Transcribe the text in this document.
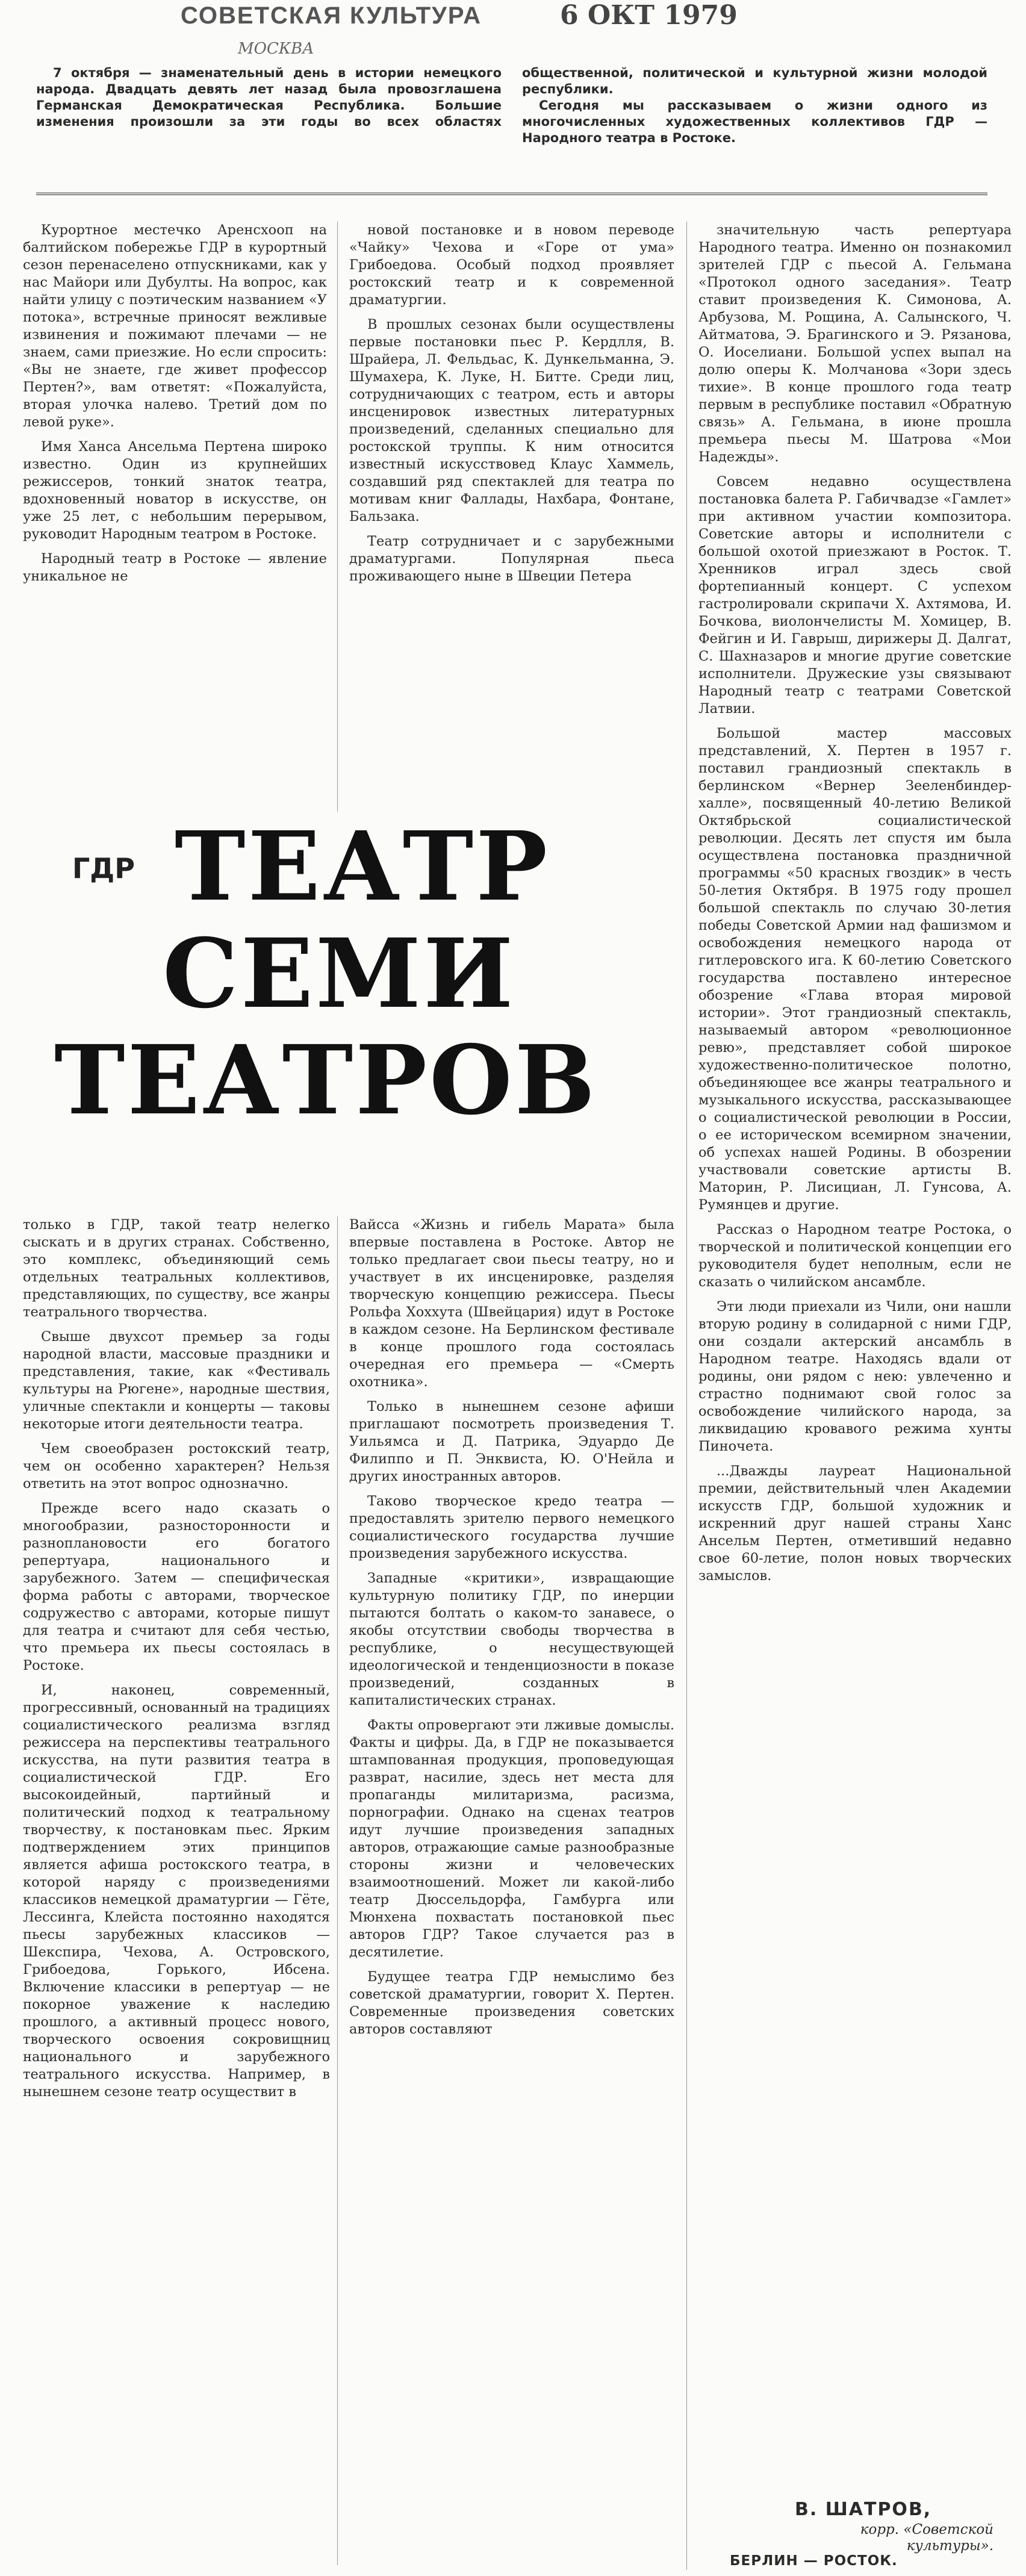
СОВЕТСКАЯ КУЛЬТУРА	6 ОКТ 1979
МОСКВА

7 октября — знаменательный день в истории немецкого народа. Двадцать девять лет назад была провозглашена Германская Демократическая Республика. Большие изменения произошли за эти годы во всех областях общественной, политической и культурной жизни молодой республики.

Сегодня мы рассказываем о жизни одного из многочисленных художественных коллективов ГДР — Народного театра в Ростоке.

Курортное местечко Аренсхооп на балтийском побережье ГДР в курортный сезон перенаселено отпускниками, как у нас Майори или Дубулты. На вопрос, как найти улицу с поэтическим названием «У потока», встречные приносят вежливые извинения и пожимают плечами — не знаем, сами приезжие. Но если спросить: «Вы не знаете, где живет профессор Пертен?», вам ответят: «Пожалуйста, вторая улочка налево. Третий дом по левой руке».

Имя Ханса Ансельма Пертена широко известно. Один из крупнейших режиссеров, тонкий знаток театра, вдохновенный новатор в искусстве, он уже 25 лет, с небольшим перерывом, руководит Народным театром в Ростоке.

Народный театр в Ростоке — явление уникальное не

новой постановке и в новом переводе «Чайку» Чехова и «Горе от ума» Грибоедова. Особый подход проявляет ростокский театр и к современной драматургии.

В прошлых сезонах были осуществлены первые постановки пьес Р. Кердлля, В. Шрайера, Л. Фельдьас, К. Дункельманна, Э. Шумахера, К. Луке, Н. Битте. Среди лиц, сотрудничающих с театром, есть и авторы инсценировок известных литературных произведений, сделанных специально для ростокской труппы. К ним относится известный искусствовед Клаус Хаммель, создавший ряд спектаклей для театра по мотивам книг Фаллады, Нахбара, Фонтане, Бальзака.

Театр сотрудничает и с зарубежными драматургами. Популярная пьеса проживающего ныне в Швеции Петера

значительную часть репертуара Народного театра. Именно он познакомил зрителей ГДР с пьесой А. Гельмана «Протокол одного заседания». Театр ставит произведения К. Симонова, А. Арбузова, М. Рощина, А. Салынского, Ч. Айтматова, Э. Брагинского и Э. Рязанова, О. Иоселиани. Большой успех выпал на долю оперы К. Молчанова «Зори здесь тихие». В конце прошлого года театр первым в республике поставил «Обратную связь» А. Гельмана, в июне прошла премьера пьесы М. Шатрова «Мои Надежды».

Совсем недавно осуществлена постановка балета Р. Габичвадзе «Гамлет» при активном участии композитора. Советские авторы и исполнители с большой охотой приезжают в Росток. Т. Хренников играл здесь свой фортепианный концерт. С успехом гастролировали скрипачи Х. Ахтямова, И. Бочкова, виолончелисты М. Хомицер, В. Фейгин и И. Гаврыш, дирижеры Д. Далгат, С. Шахназаров и многие другие советские исполнители. Дружеские узы связывают Народный театр с театрами Советской Латвии.

Большой мастер массовых представлений, Х. Пертен в 1957 г. поставил грандиозный спектакль в берлинском «Вернер Зееленбиндер-халле», посвященный 40-летию Великой Октябрьской социалистической революции. Десять лет спустя им была осуществлена постановка праздничной программы «50 красных гвоздик» в честь 50-летия Октября. В 1975 году прошел большой спектакль по случаю 30-летия победы Советской Армии над фашизмом и освобождения немецкого народа от гитлеровского ига. К 60-летию Советского государства поставлено интересное обозрение «Глава вторая мировой истории». Этот грандиозный спектакль, называемый автором «революционное ревю», представляет собой широкое художественно-политическое полотно, объединяющее все жанры театрального и музыкального искусства, рассказывающее о социалистической революции в России, о ее историческом всемирном значении, об успехах нашей Родины. В обозрении участвовали советские артисты В. Маторин, Р. Лисициан, Л. Гунсова, А. Румянцев и другие.

Рассказ о Народном театре Ростока, о творческой и политической концепции его руководителя будет неполным, если не сказать о чилийском ансамбле.

Эти люди приехали из Чили, они нашли вторую родину в солидарной с ними ГДР, они создали актерский ансамбль в Народном театре. Находясь вдали от родины, они рядом с нею: увлеченно и страстно поднимают свой голос за освобождение чилийского народа, за ликвидацию кровавого режима хунты Пиночета.

...Дважды лауреат Национальной премии, действительный член Академии искусств ГДР, большой художник и искренний друг нашей страны Ханс Ансельм Пертен, отметивший недавно свое 60-летие, полон новых творческих замыслов.

ГДР ТЕАТР
СЕМИ
ТЕАТРОВ

только в ГДР, такой театр нелегко сыскать и в других странах. Собственно, это комплекс, объединяющий семь отдельных театральных коллективов, представляющих, по существу, все жанры театрального творчества.

Свыше двухсот премьер за годы народной власти, массовые праздники и представления, такие, как «Фестиваль культуры на Рюгене», народные шествия, уличные спектакли и концерты — таковы некоторые итоги деятельности театра.

Чем своеобразен ростокский театр, чем он особенно характерен? Нельзя ответить на этот вопрос однозначно.

Прежде всего надо сказать о многообразии, разносторонности и разноплановости его богатого репертуара, национального и зарубежного. Затем — специфическая форма работы с авторами, творческое содружество с авторами, которые пишут для театра и считают для себя честью, что премьера их пьесы состоялась в Ростоке.

И, наконец, современный, прогрессивный, основанный на традициях социалистического реализма взгляд режиссера на перспективы театрального искусства, на пути развития театра в социалистической ГДР. Его высокоидейный, партийный и политический подход к театральному творчеству, к постановкам пьес. Ярким подтверждением этих принципов является афиша ростокского театра, в которой наряду с произведениями классиков немецкой драматургии — Гёте, Лессинга, Клейста постоянно находятся пьесы зарубежных классиков — Шекспира, Чехова, А. Островского, Грибоедова, Горького, Ибсена. Включение классики в репертуар — не покорное уважение к наследию прошлого, а активный процесс нового, творческого освоения сокровищниц национального и зарубежного театрального искусства. Например, в нынешнем сезоне театр осуществит в

Вайсса «Жизнь и гибель Марата» была впервые поставлена в Ростоке. Автор не только предлагает свои пьесы театру, но и участвует в их инсценировке, разделяя творческую концепцию режиссера. Пьесы Рольфа Хоххута (Швейцария) идут в Ростоке в каждом сезоне. На Берлинском фестивале в конце прошлого года состоялась очередная его премьера — «Смерть охотника».

Только в нынешнем сезоне афиши приглашают посмотреть произведения Т. Уильямса и Д. Патрика, Эдуардо Де Филиппо и П. Энквиста, Ю. О'Нейла и других иностранных авторов.

Таково творческое кредо театра — предоставлять зрителю первого немецкого социалистического государства лучшие произведения зарубежного искусства.

Западные «критики», извращающие культурную политику ГДР, по инерции пытаются болтать о каком-то занавесе, о якобы отсутствии свободы творчества в республике, о несуществующей идеологической и тенденциозности в показе произведений, созданных в капиталистических странах.

Факты опровергают эти лживые домыслы. Факты и цифры. Да, в ГДР не показывается штампованная продукция, проповедующая разврат, насилие, здесь нет места для пропаганды милитаризма, расизма, порнографии. Однако на сценах театров идут лучшие произведения западных авторов, отражающие самые разнообразные стороны жизни и человеческих взаимоотношений. Может ли какой-либо театр Дюссельдорфа, Гамбурга или Мюнхена похвастать постановкой пьес авторов ГДР? Такое случается раз в десятилетие.

Будущее театра ГДР немыслимо без советской драматургии, говорит Х. Пертен. Современные произведения советских авторов составляют

В. ШАТРОВ,
корр. «Советской культуры».
БЕРЛИН — РОСТОК.
